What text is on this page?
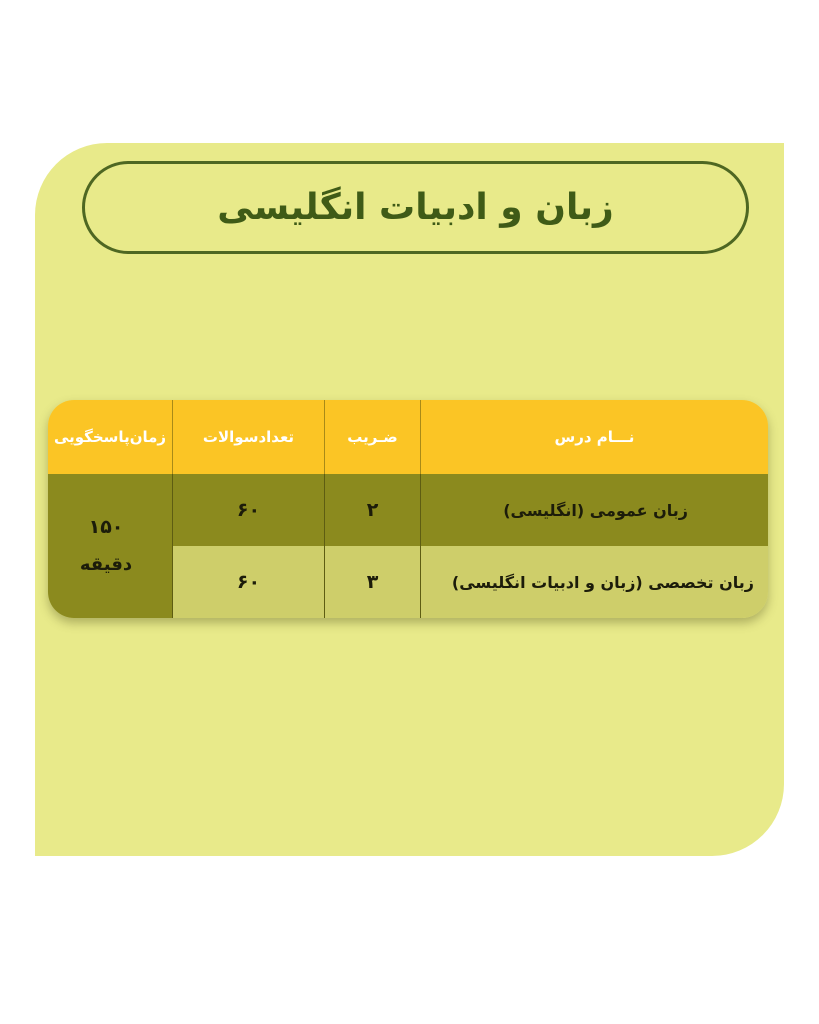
زبان و ادبیات انگلیسی
نـــام درس
ضـریب
تعدادسوالات
زمان‌پاسخگویی
زبان عمومی (انگلیسی)
۲
۶۰
۱۵۰
دقیقه
زبان تخصصی (زبان و ادبیات انگلیسی)
۳
۶۰
